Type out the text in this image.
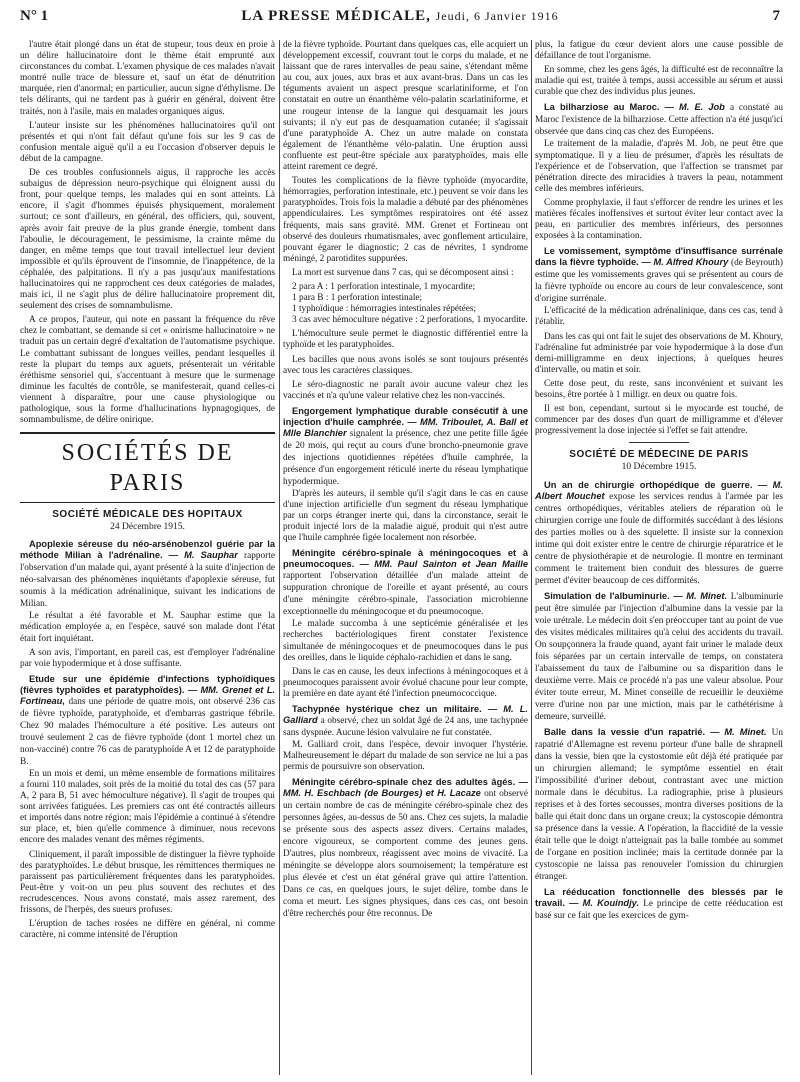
N° 1	LA PRESSE MÉDICALE, Jeudi, 6 Janvier 1916	7

l'autre était plongé dans un état de stupeur, tous deux en proie à un délire hallucinatoire dont le thème était emprunté aux circonstances du combat. L'examen physique de ces malades n'avait montré nulle trace de blessure et, sauf un état de dénutrition marquée, rien d'anormal; en particulier, aucun signe d'éthylisme. De tels délirants, qui ne tardent pas à guérir en général, doivent être traités, non à l'asile, mais en malades organiques aigus.

L'auteur insiste sur les phénomènes hallucinatoires qu'il ont présentés et qui n'ont fait défaut qu'une fois sur les 9 cas de confusion mentale aiguë qu'il a eu l'occasion d'observer depuis le début de la campagne.

De ces troubles confusionnels aigus, il rapproche les accès subaigus de dépression neuro-psychique qui éloignent aussi du front, pour quelque temps, les malades qui en sont atteints. Là encore, il s'agit d'hommes épuisés physiquement, moralement surtout; ce sont d'ailleurs, en général, des officiers, qui, souvent, après avoir fait preuve de la plus grande énergie, tombent dans l'aboulie, le découragement, le pessimisme, la crainte même du danger, en même temps que tout travail intellectuel leur devient impossible et qu'ils éprouvent de l'insomnie, de l'inappétence, de la céphalée, des palpitations. Il n'y a pas jusqu'aux manifestations hallucinatoires qui ne rapprochent ces deux catégories de malades, mais ici, il ne s'agit plus de délire hallucinatoire proprement dit, seulement des crises de somnambulisme.

A ce propos, l'auteur, qui note en passant la fréquence du rêve chez le combattant, se demande si cet « onirisme hallucinatoire » ne traduit pas un certain degré d'exaltation de l'automatisme psychique. Le combattant subissant de longues veilles, pendant lesquelles il reste la plupart du temps aux aguets, présenterait un véritable éréthisme sensoriel qui, s'accentuant à mesure que le surmenage diminue les facultés de contrôle, se manifesterait, quand celles-ci viennent à disparaître, pour une cause physiologique ou pathologique, sous la forme d'hallucinations hypnagogiques, de somnambulisme, de délire onirique.

SOCIÉTÉS DE PARIS
SOCIÉTÉ MÉDICALE DES HOPITAUX
24 Décembre 1915.
Apoplexie séreuse du néo-arsénobenzol guérie par la méthode Milian à l'adrénaline. — M. Sauphar rapporte l'observation d'un malade qui, ayant présenté à la suite d'injection de néo-salvarsan des phénomènes inquiétants d'apoplexie séreuse, fut soumis à la médication adrénalinique, suivant les indications de Milian.

Le résultat a été favorable et M. Sauphar estime que la médication employée a, en l'espèce, sauvé son malade dont l'état était fort inquiétant.

A son avis, l'important, en pareil cas, est d'employer l'adrénaline par voie hypodermique et à dose suffisante.

Etude sur une épidémie d'infections typhoïdiques (fièvres typhoïdes et paratyphoïdes). — MM. Grenet et L. Fortineau, dans une période de quatre mois, ont observé 236 cas de fièvre typhoïde, paratyphoïde, et d'embarras gastrique fébrile. Chez 90 malades l'hémoculture a été positive. Les auteurs ont trouvé seulement 2 cas de fièvre typhoïde (dont 1 mortel chez un non-vacciné) contre 76 cas de paratyphoïde A et 12 de paratyphoïde B.

En un mois et demi, un même ensemble de formations militaires a fourni 110 malades, soit près de la moitié du total des cas (57 para A, 2 para B, 51 avec hémoculture négative). Il s'agit de troupes qui sont arrivées fatiguées. Les premiers cas ont été contractés ailleurs et importés dans notre région; mais l'épidémie a continué à s'étendre sur place, et, bien qu'elle commence à diminuer, nous recevons encore des malades venant des mêmes régiments.

Cliniquement, il paraît impossible de distinguer la fièvre typhoïde des paratyphoïdes. Le début brusque, les rémittences thermiques ne paraissent pas particulièrement fréquentes dans les paratyphoïdes. Peut-être y voit-on un peu plus souvent des rechutes et des recrudescences. Nous avons constaté, mais assez rarement, des frissons, de l'herpès, des sueurs profuses.

L'éruption de taches rosées ne diffère en général, ni comme caractère, ni comme intensité de l'éruption

de la fièvre typhoïde. Pourtant dans quelques cas, elle acquiert un développement excessif, couvrant tout le corps du malade, et ne laissant que de rares intervalles de peau saine, s'étendant même au cou, aux joues, aux bras et aux avant-bras. Dans un cas les téguments avaient un aspect presque scarlatiniforme, et l'on constatait en outre un énanthème vélo-palatin scarlatiniforme, et une rougeur intense de la langue qui desquamait les jours suivants; il n'y eut pas de desquamation cutanée; il s'agissait d'une paratyphoïde A. Chez un autre malade on constata également de l'énanthème vélo-palatin. Une éruption aussi confluente est peut-être spéciale aux paratyphoïdes, mais elle atteint rarement ce degré.

Toutes les complications de la fièvre typhoïde (myocardite, hémorragies, perforation intestinale, etc.) peuvent se voir dans les paratyphoïdes. Trois fois la maladie a débuté par des phénomènes appendiculaires. Les symptômes respiratoires ont été assez fréquents, mais sans gravité. MM. Grenet et Fortineau ont observé des douleurs rhumatismales, avec gonflement articulaire, pouvant égarer le diagnostic; 2 cas de névrites, 1 syndrome méningé, 2 parotidites suppurées.

La mort est survenue dans 7 cas, qui se décomposent ainsi :

2 para A : 1 perforation intestinale, 1 myocardite;
1 para B : 1 perforation intestinale;
1 typhoïdique : hémorragies intestinales répétées;
3 cas avec hémoculture négative : 2 perforations, 1 myocardite.

L'hémoculture seule permet le diagnostic différentiel entre la typhoïde et les paratyphoïdes.

Les bacilles que nous avons isolés se sont toujours présentés avec tous les caractères classiques.

Le séro-diagnostic ne paraît avoir aucune valeur chez les vaccinés et n'a qu'une valeur relative chez les non-vaccinés.

Engorgement lymphatique durable consécutif à une injection d'huile camphrée. — MM. Triboulet, A. Ball et Mlle Blanchier signalent la présence, chez une petite fille âgée de 20 mois, qui reçut au cours d'une broncho-pneumonie grave des injections quotidiennes répétées d'huile camphrée, la présence d'un engorgement réticulé inerte du réseau lymphatique hypodermique.

D'après les auteurs, il semble qu'il s'agit dans le cas en cause d'une injection artificielle d'un segment du réseau lymphatique par un corps étranger inerte qui, dans la circonstance, serait le produit injecté lors de la maladie aiguë, produit qui n'est autre que l'huile camphrée figée localement non résorbée.

Méningite cérébro-spinale à méningocoques et à pneumocoques. — MM. Paul Sainton et Jean Maille rapportent l'observation détaillée d'un malade atteint de suppuration chronique de l'oreille et ayant présenté, au cours d'une méningite cérébro-spinale, l'association microbienne exceptionnelle du méningocoque et du pneumocoque.

Le malade succomba à une septicémie généralisée et les recherches bactériologiques firent constater l'existence simultanée de méningocoques et de pneumocoques dans le pus des oreilles, dans le liquide céphalo-rachidien et dans le sang.

Dans le cas en cause, les deux infections à méningocoques et à pneumocoques paraissent avoir évolué chacune pour leur compte, la première en date ayant été l'infection pneumococcique.

Tachypnée hystérique chez un militaire. — M. L. Galliard a observé, chez un soldat âgé de 24 ans, une tachypnée sans dyspnée. Aucune lésion valvulaire ne fut constatée.

M. Galliard croit, dans l'espèce, devoir invoquer l'hystérie. Malheureusement le départ du malade de son service ne lui a pas permis de poursuivre son observation.

Méningite cérébro-spinale chez des adultes âgés. — MM. H. Eschbach (de Bourges) et H. Lacaze ont observé un certain nombre de cas de méningite cérébro-spinale chez des personnes âgées, au-dessus de 50 ans. Chez ces sujets, la maladie se présente sous des aspects assez divers. Certains malades, encore vigoureux, se comportent comme des jeunes gens. D'autres, plus nombreux, réagissent avec moins de vivacité. La méningite se développe alors sournoisement; la température est plus élevée et c'est un état général grave qui attire l'attention. Dans ce cas, en quelques jours, le sujet délire, tombe dans le coma et meurt. Les signes physiques, dans ces cas, ont besoin d'être recherchés pour être reconnus. De

plus, la fatigue du cœur devient alors une cause possible de défaillance de tout l'organisme.

En somme, chez les gens âgés, la difficulté est de reconnaître la maladie qui est, traitée à temps, aussi accessible au sérum et aussi curable que chez des individus plus jeunes.

La bilharziose au Maroc. — M. E. Job a constaté au Maroc l'existence de la bilharziose. Cette affection n'a été jusqu'ici observée que dans cinq cas chez des Européens.

Le traitement de la maladie, d'après M. Job, ne peut être que symptomatique. Il y a lieu de présumer, d'après les résultats de l'expérience et de l'observation, que l'affection se transmet par pénétration directe des miracidies à travers la peau, notamment celle des membres inférieurs.

Comme prophylaxie, il faut s'efforcer de rendre les urines et les matières fécales inoffensives et surtout éviter leur contact avec la peau, en particulier des membres inférieurs, des personnes exposées à la contamination.

Le vomissement, symptôme d'insuffisance surrénale dans la fièvre typhoïde. — M. Alfred Khoury (de Beyrouth) estime que les vomissements graves qui se présentent au cours de la fièvre typhoïde ou encore au cours de leur convalescence, sont d'origine surrénale.

L'efficacité de la médication adrénalinique, dans ces cas, tend à l'établir.

Dans les cas qui ont fait le sujet des observations de M. Khoury, l'adrénaline fut administrée par voie hypodermique à la dose d'un demi-milligramme en deux injections, à quelques heures d'intervalle, ou matin et soir.

Cette dose peut, du reste, sans inconvénient et suivant les besoins, être portée à 1 milligr. en deux ou quatre fois.

Il est bon, cependant, surtout si le myocarde est touché, de commencer par des doses d'un quart de milligramme et d'élever progressivement la dose injectée si l'effet se fait attendre.

SOCIÉTÉ DE MÉDECINE DE PARIS
10 Décembre 1915.
Un an de chirurgie orthopédique de guerre. — M. Albert Mouchet expose les services rendus à l'armée par les centres orthopédiques, véritables ateliers de réparation où le chirurgien corrige une foule de difformités succédant à des lésions des parties molles ou à des squelette. Il insiste sur la connexion intime qui doit exister entre le centre de chirurgie réparatrice et le centre de physiothérapie et de neurologie. Il montre en terminant comment le traitement bien conduit des blessures de guerre permet d'éviter beaucoup de ces difformités.
Simulation de l'albuminurie. — M. Minet. L'albuminurie peut être simulée par l'injection d'albumine dans la vessie par la voie urétrale. Le médecin doit s'en préoccuper tant au point de vue des visites médicales militaires qu'à celui des accidents du travail. On soupçonnera la fraude quand, ayant fait uriner le malade deux fois séparées par un certain intervalle de temps, on constatera l'abaissement du taux de l'albumine ou sa disparition dans le deuxième verre. Mais ce procédé n'a pas une valeur absolue. Pour éviter toute erreur, M. Minet conseille de recueillir le deuxième verre d'urine non par une miction, mais par le cathétérisme à demeure, surveillé.
Balle dans la vessie d'un rapatrié. — M. Minet. Un rapatrié d'Allemagne est revenu porteur d'une balle de shrapnell dans la vessie, bien que la cystostomie eût déjà été pratiquée par un chirurgien allemand; le symptôme essentiel en était l'impossibilité d'uriner debout, contrastant avec une miction normale dans le décubitus. La radiographie, prise à plusieurs reprises et à des fortes secousses, montra diverses positions de la balle qui était donc dans un organe creux; la cystoscopie démontra sa présence dans la vessie. A l'opération, la flaccidité de la vessie était telle que le doigt n'atteignait pas la balle tombée au sommet de l'organe en position inclinée; mais la certitude donnée par la cystoscopie ne laissa pas renouveler l'omission du chirurgien étranger.
La rééducation fonctionnelle des blessés par le travail. — M. Kouindjy. Le principe de cette rééducation est basé sur ce fait que les exercices de gym-
